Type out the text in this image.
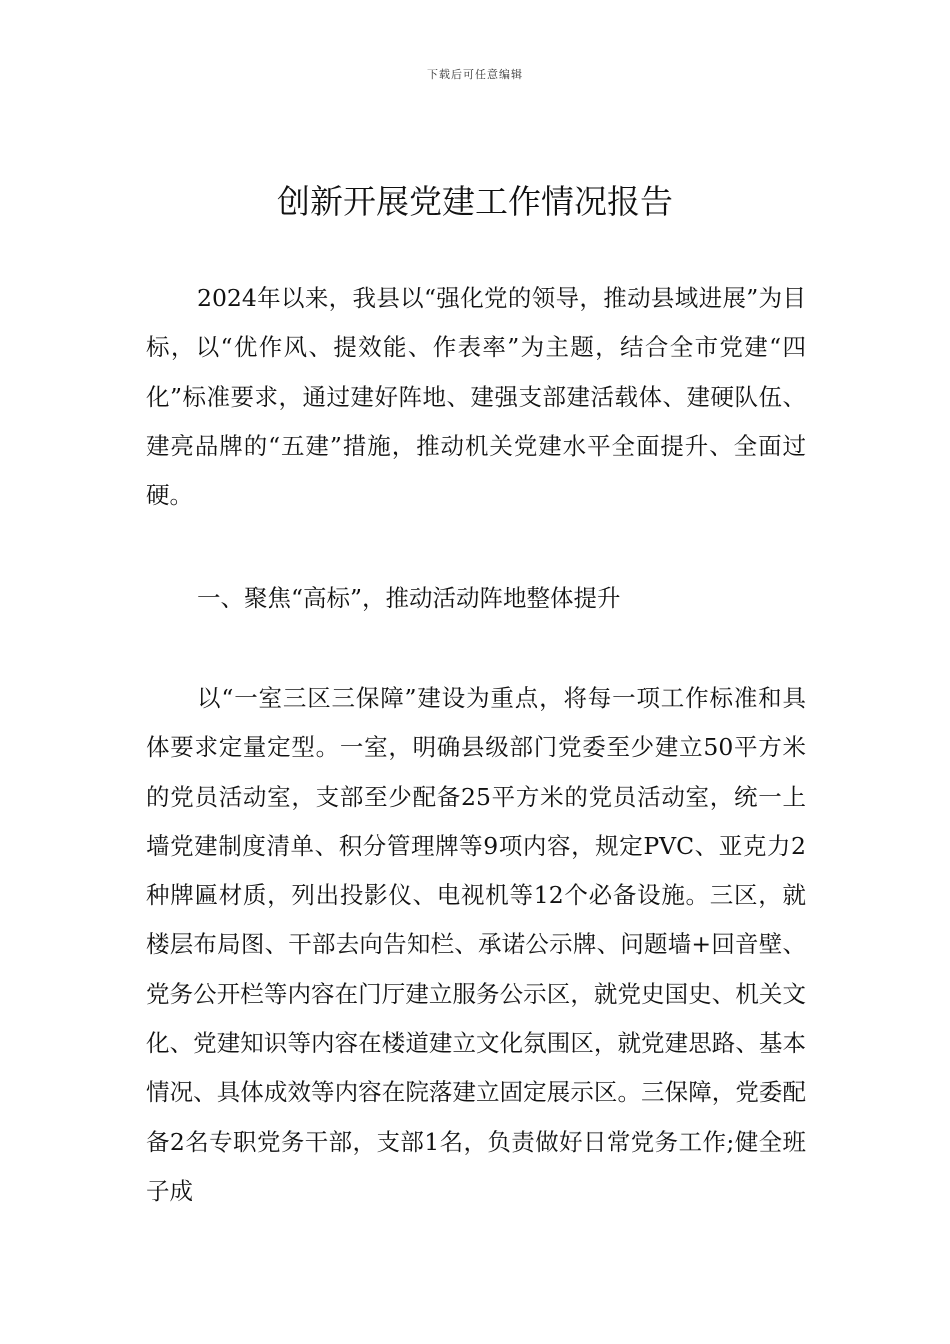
下载后可任意编辑
创新开展党建工作情况报告

2024年以来，我县以“强化党的领导，推动县域进展”为目标，以“优作风、提效能、作表率”为主题，结合全市党建“四化”标准要求，通过建好阵地、建强支部建活载体、建硬队伍、建亮品牌的“五建”措施，推动机关党建水平全面提升、全面过硬。

一、聚焦“高标”，推动活动阵地整体提升

以“一室三区三保障”建设为重点，将每一项工作标准和具体要求定量定型。一室，明确县级部门党委至少建立50平方米的党员活动室，支部至少配备25平方米的党员活动室，统一上墙党建制度清单、积分管理牌等9项内容，规定PVC、亚克力2种牌匾材质，列出投影仪、电视机等12个必备设施。三区，就楼层布局图、干部去向告知栏、承诺公示牌、问题墙+回音壁、党务公开栏等内容在门厅建立服务公示区，就党史国史、机关文化、党建知识等内容在楼道建立文化氛围区，就党建思路、基本情况、具体成效等内容在院落建立固定展示区。三保障，党委配备2名专职党务干部，支部1名，负责做好日常党务工作;健全班子成
